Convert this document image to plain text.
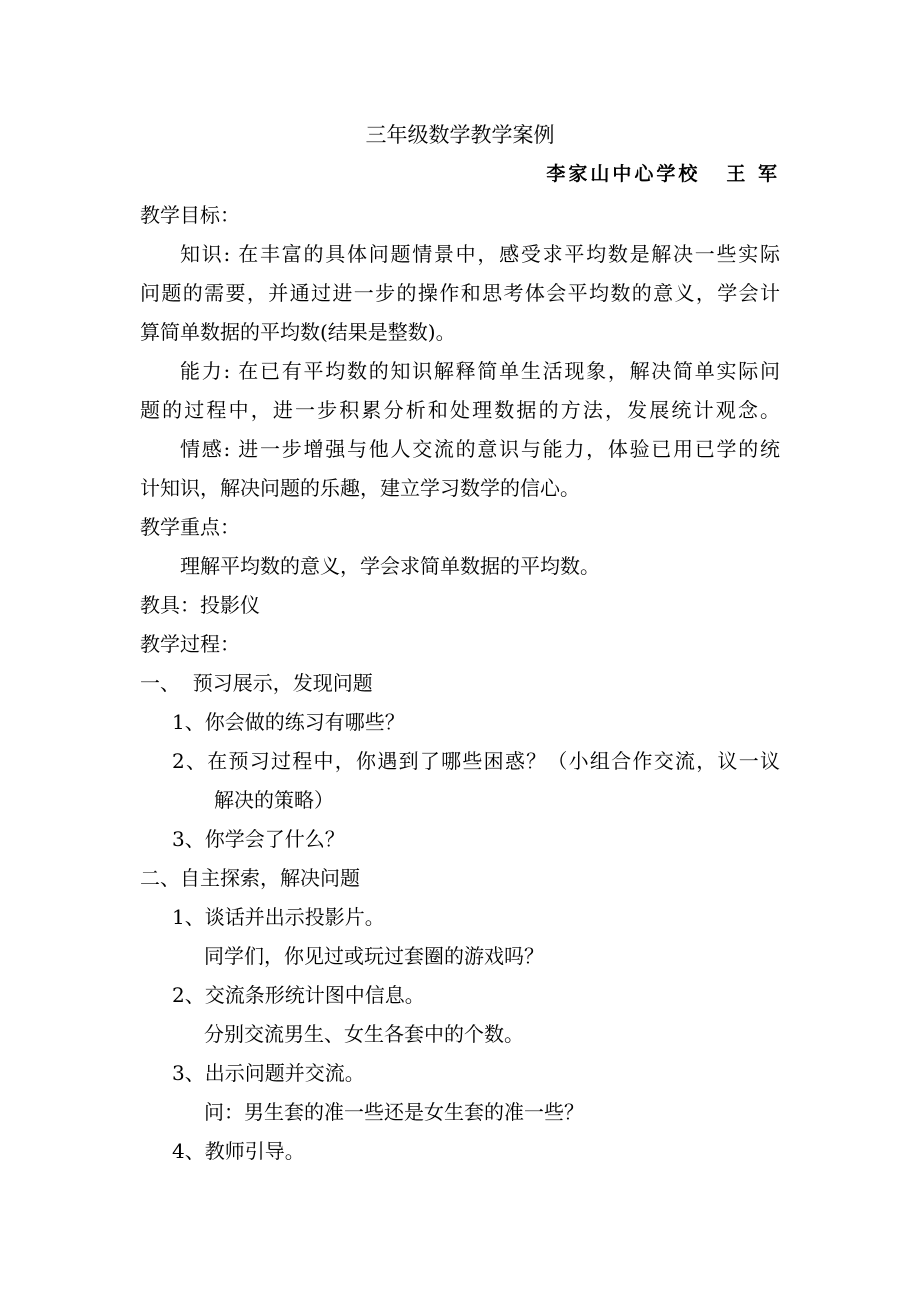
三年级数学教学案例
李家山中心学校 王 军
教学目标：
知识: 在丰富的具体问题情景中，感受求平均数是解决一些实际
问题的需要，并通过进一步的操作和思考体会平均数的意义，学会计
算简单数据的平均数(结果是整数)。
能力: 在已有平均数的知识解释简单生活现象，解决简单实际问
题的过程中，进一步积累分析和处理数据的方法，发展统计观念。
情感: 进一步增强与他人交流的意识与能力，体验已用已学的统
计知识，解决问题的乐趣，建立学习数学的信心。
教学重点：
理解平均数的意义，学会求简单数据的平均数。
教具：投影仪
教学过程：
一、  预习展示，发现问题
1、你会做的练习有哪些？
2、在预习过程中，你遇到了哪些困惑？（小组合作交流，议一议
解决的策略）
3、你学会了什么？
二、自主探索，解决问题
1、谈话并出示投影片。
同学们，你见过或玩过套圈的游戏吗？
2、交流条形统计图中信息。
分别交流男生、女生各套中的个数。
3、出示问题并交流。
问：男生套的准一些还是女生套的准一些？
4、教师引导。
